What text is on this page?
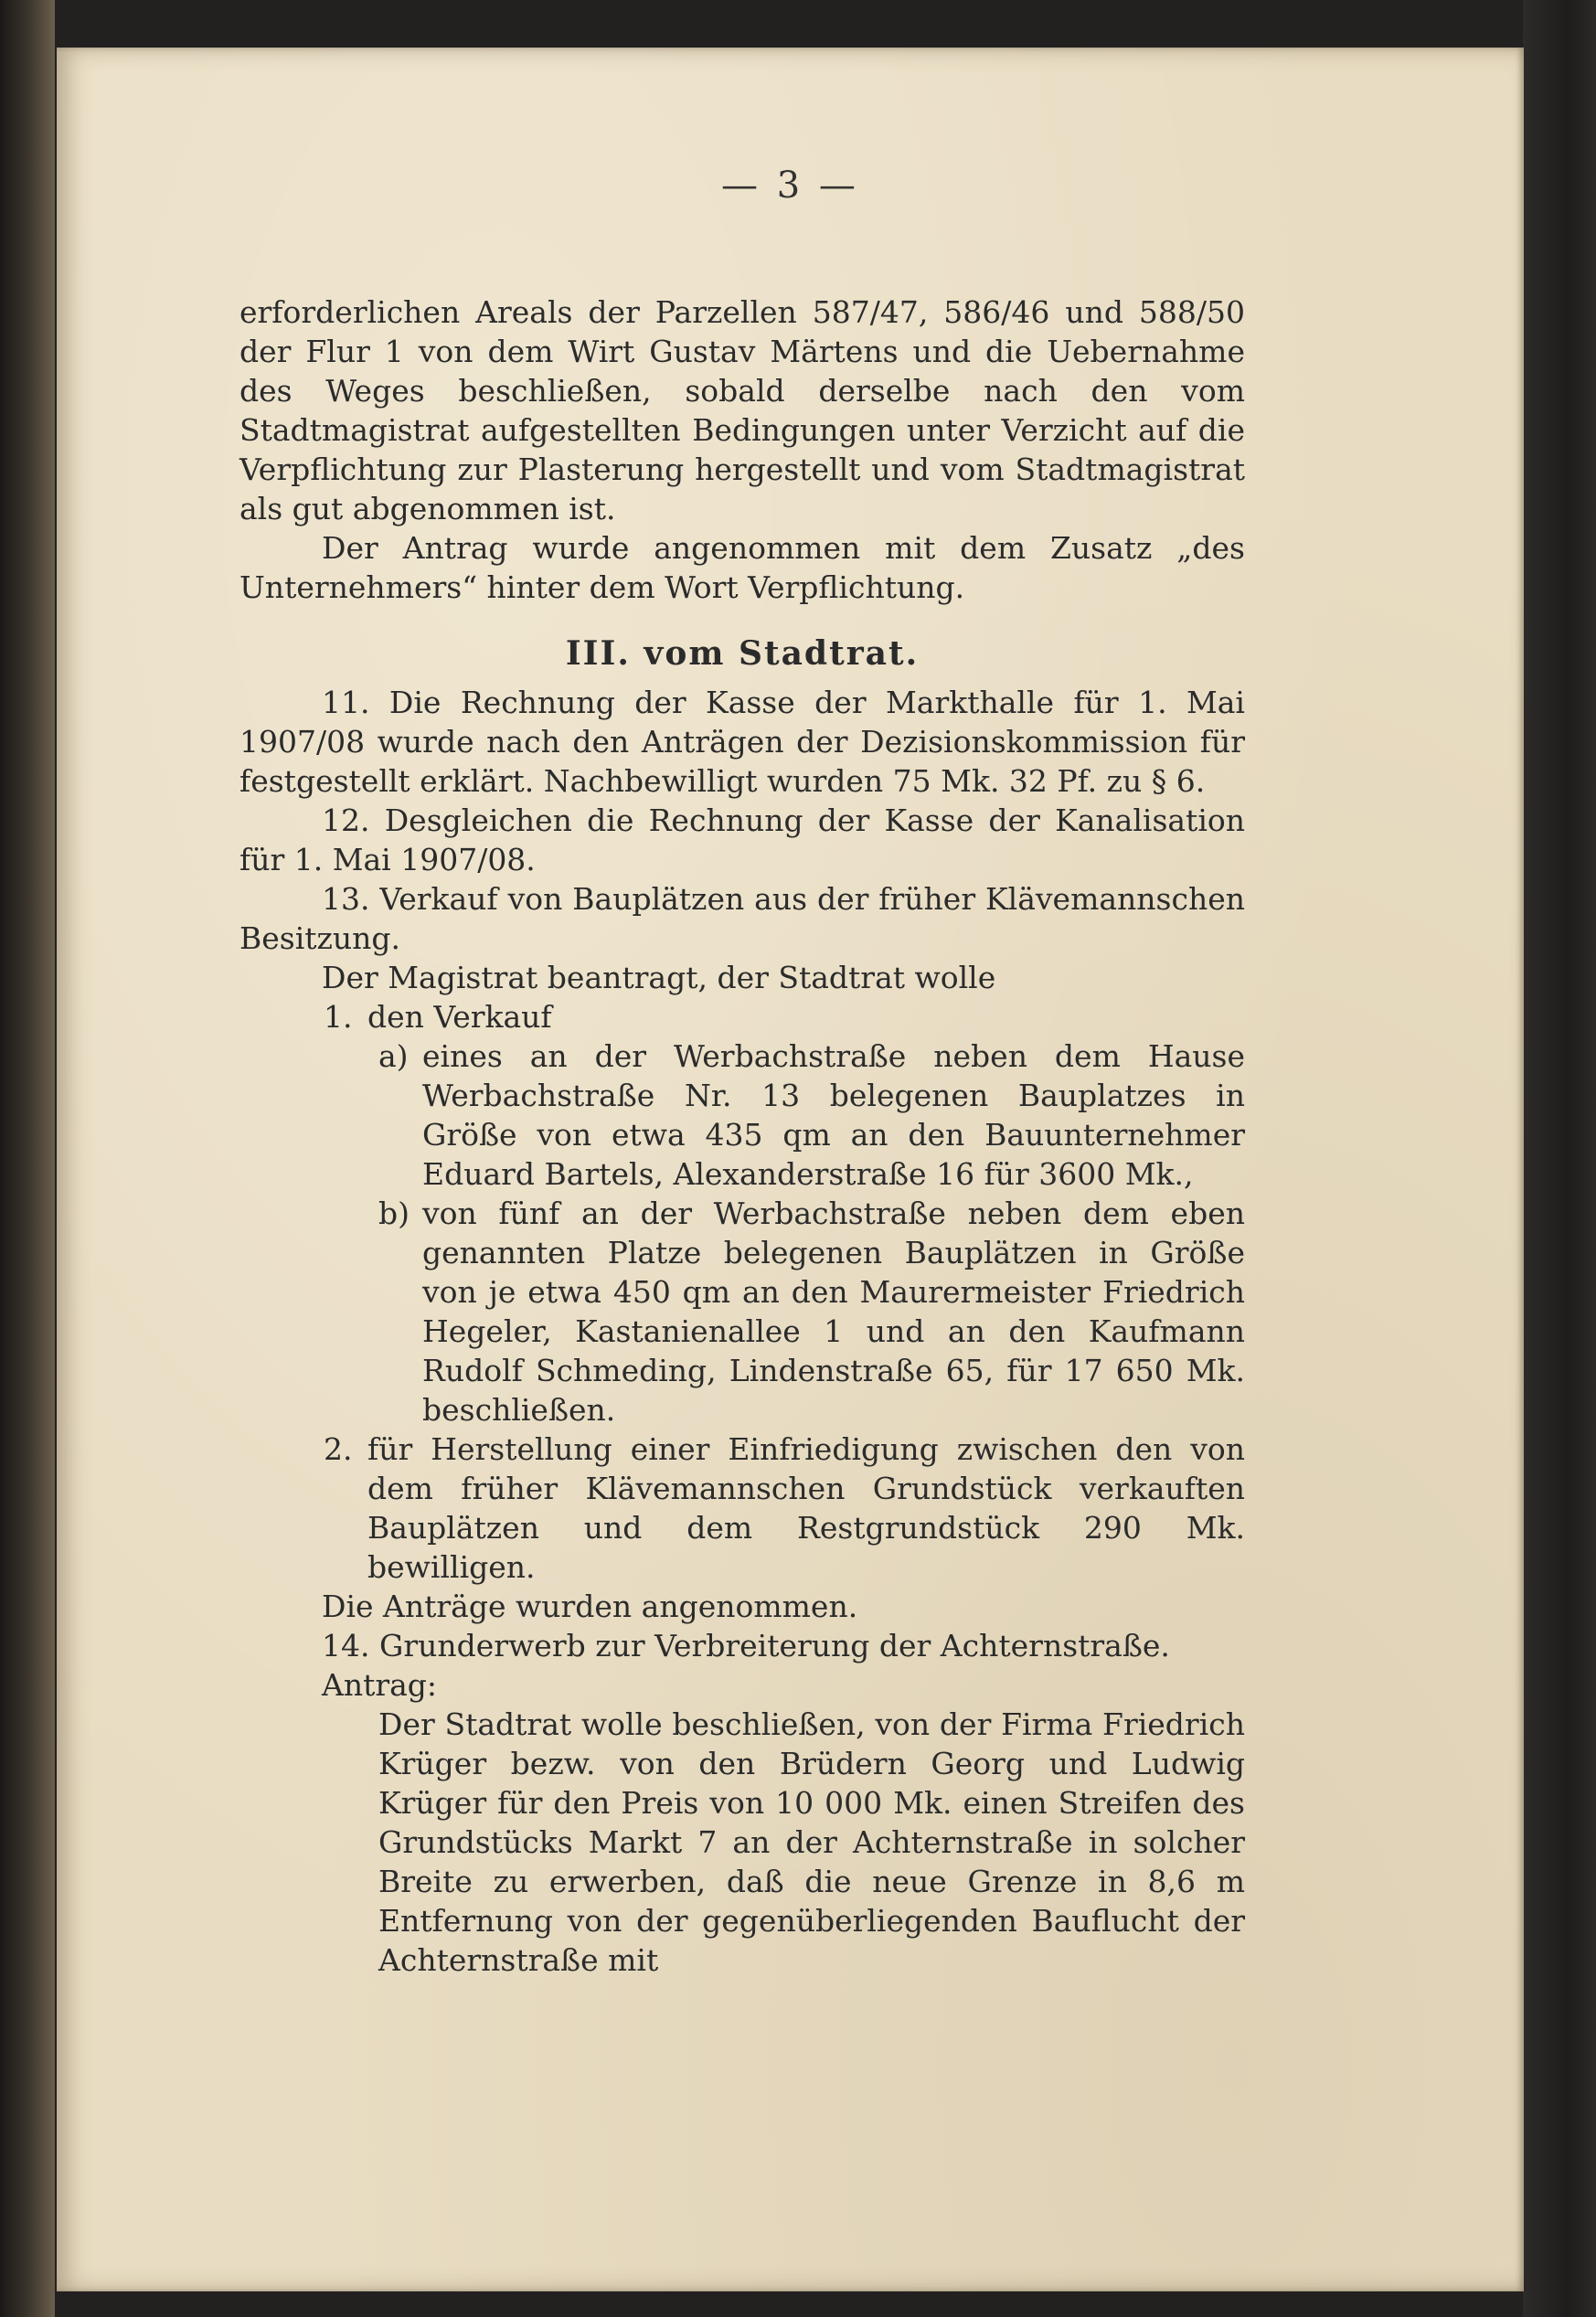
— 3 —

erforderlichen Areals der Parzellen 587/47, 586/46 und 588/50 der Flur 1 von dem Wirt Gustav Märtens und die Uebernahme des Weges beschließen, sobald derselbe nach den vom Stadtmagistrat aufgestellten Bedingungen unter Verzicht auf die Verpflichtung zur Plasterung hergestellt und vom Stadtmagistrat als gut abgenommen ist.

Der Antrag wurde angenommen mit dem Zusatz „des Unternehmers“ hinter dem Wort Verpflichtung.

III. vom Stadtrat.

11. Die Rechnung der Kasse der Markthalle für 1. Mai 1907/08 wurde nach den Anträgen der Dezisionskommission für festgestellt erklärt. Nachbewilligt wurden 75 Mk. 32 Pf. zu § 6.

12. Desgleichen die Rechnung der Kasse der Kanalisation für 1. Mai 1907/08.

13. Verkauf von Bauplätzen aus der früher Klävemannschen Besitzung.

Der Magistrat beantragt, der Stadtrat wolle

1. den Verkauf
a) eines an der Werbachstraße neben dem Hause Werbachstraße Nr. 13 belegenen Bauplatzes in Größe von etwa 435 qm an den Bauunternehmer Eduard Bartels, Alexanderstraße 16 für 3600 Mk.,
b) von fünf an der Werbachstraße neben dem eben genannten Platze belegenen Bauplätzen in Größe von je etwa 450 qm an den Maurermeister Friedrich Hegeler, Kastanienallee 1 und an den Kaufmann Rudolf Schmeding, Lindenstraße 65, für 17 650 Mk. beschließen.
2. für Herstellung einer Einfriedigung zwischen den von dem früher Klävemannschen Grundstück verkauften Bauplätzen und dem Restgrundstück 290 Mk. bewilligen.

Die Anträge wurden angenommen.

14. Grunderwerb zur Verbreiterung der Achternstraße.

Antrag:

Der Stadtrat wolle beschließen, von der Firma Friedrich Krüger bezw. von den Brüdern Georg und Ludwig Krüger für den Preis von 10 000 Mk. einen Streifen des Grundstücks Markt 7 an der Achternstraße in solcher Breite zu erwerben, daß die neue Grenze in 8,6 m Entfernung von der gegenüberliegenden Bauflucht der Achternstraße mit
